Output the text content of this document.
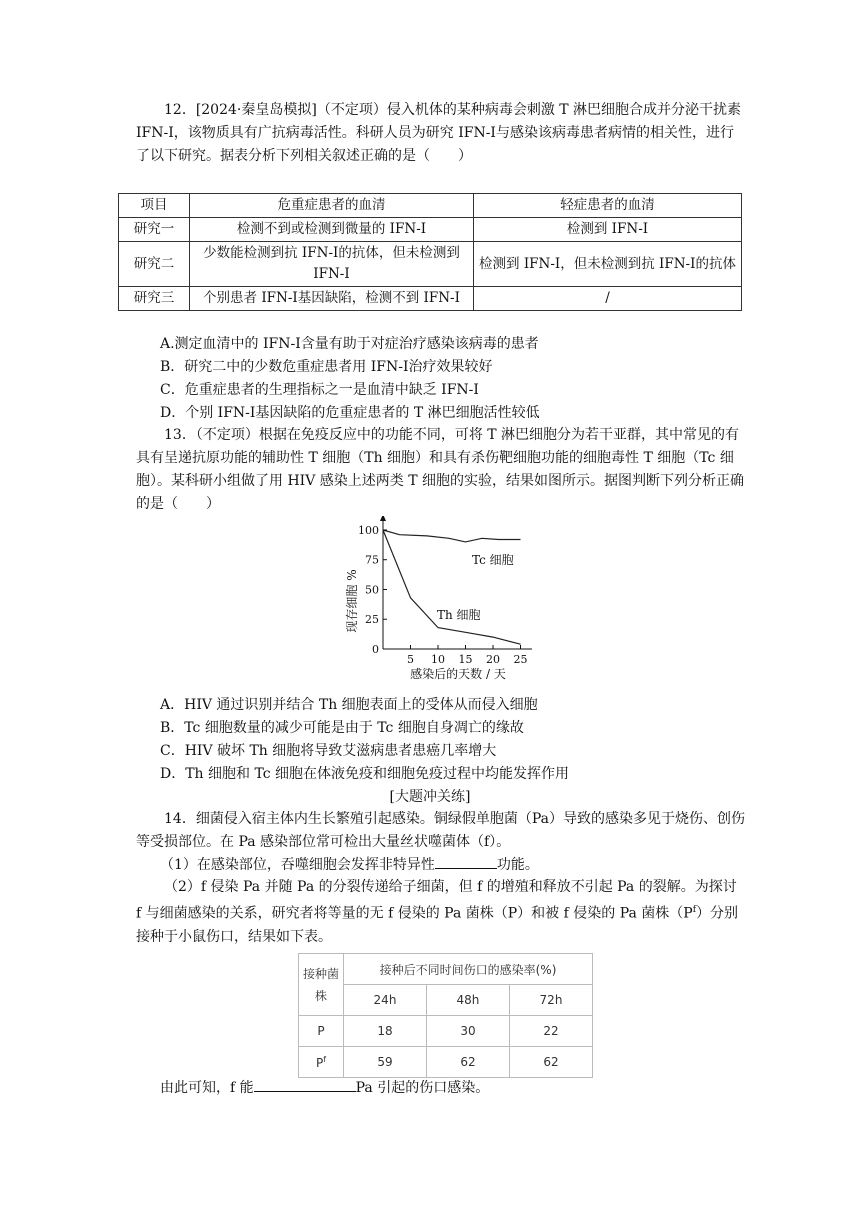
12．[2024·秦皇岛模拟]（不定项）侵入机体的某种病毒会刺激 T 淋巴细胞合成并分泌干扰素 IFN-I，该物质具有广抗病毒活性。科研人员为研究 IFN-I与感染该病毒患者病情的相关性，进行了以下研究。据表分析下列相关叙述正确的是（　　）

项目	危重症患者的血清	轻症患者的血清
研究一	检测不到或检测到微量的 IFN-I	检测到 IFN-I
研究二	少数能检测到抗 IFN-I的抗体，但未检测到 IFN-I	检测到 IFN-I，但未检测到抗 IFN-I的抗体
研究三	个别患者 IFN-I基因缺陷，检测不到 IFN-I	/
A.测定血清中的 IFN-I含量有助于对症治疗感染该病毒的患者
B．研究二中的少数危重症患者用 IFN-I治疗效果较好
C．危重症患者的生理指标之一是血清中缺乏 IFN-I
D．个别 IFN-I基因缺陷的危重症患者的 T 淋巴细胞活性较低

13．（不定项）根据在免疫反应中的功能不同，可将 T 淋巴细胞分为若干亚群，其中常见的有具有呈递抗原功能的辅助性 T 细胞（Th 细胞）和具有杀伤靶细胞功能的细胞毒性 T 细胞（Tc 细胞）。某科研小组做了用 HIV 感染上述两类 T 细胞的实验，结果如图所示。据图判断下列分析正确的是（　　）

0
25
50
75
100
5 10 15 20 25
现存细胞 %
感染后的天数 / 天
Tc 细胞
Th 细胞
A．HIV 通过识别并结合 Th 细胞表面上的受体从而侵入细胞
B．Tc 细胞数量的减少可能是由于 Tc 细胞自身凋亡的缘故
C．HIV 破坏 Th 细胞将导致艾滋病患者患癌几率增大
D．Th 细胞和 Tc 细胞在体液免疫和细胞免疫过程中均能发挥作用
[大题冲关练]

14．细菌侵入宿主体内生长繁殖引起感染。铜绿假单胞菌（Pa）导致的感染多见于烧伤、创伤等受损部位。在 Pa 感染部位常可检出大量丝状噬菌体（f）。

（1）在感染部位，吞噬细胞会发挥非特异性	功能。

（2）f 侵染 Pa 并随 Pa 的分裂传递给子细菌，但 f 的增殖和释放不引起 Pa 的裂解。为探讨 f 与细菌感染的关系，研究者将等量的无 f 侵染的 Pa 菌株（P）和被 f 侵染的 Pa 菌株$(P^f)$分别接种于小鼠伤口，结果如下表。

接种菌株	接种后不同时间伤口的感染率(%)		
	24h	48h	72h
P	18	30	22
$P^f$	59	62	62
由此可知，f 能	Pa 引起的伤口感染。
